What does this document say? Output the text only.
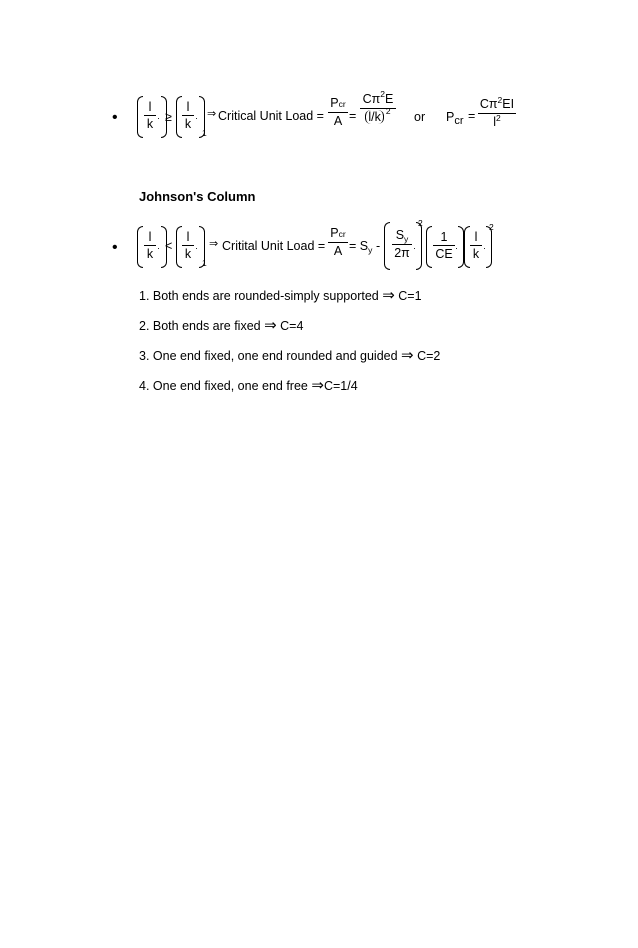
•
l
k · ≥
l
k ·
1
⇒ Critical Unit Load =
Pcr
A =
$C\pi^2E$
l/k $^2$ or Pcr =
$C\pi^2EI$
$l^2$
Johnson's Column
•
l
k · <
l
k ·
1
⇒ Critital Unit Load =
Pcr
$A = S_y$ -
$S_y$
2π ·
2
1
CE ·
l
k ·
2
1. Both ends are rounded-simply supported ⇒ C=1
2. Both ends are fixed ⇒ C=4
3. One end fixed, one end rounded and guided ⇒ C=2
4. One end fixed, one end free ⇒C=1/4
